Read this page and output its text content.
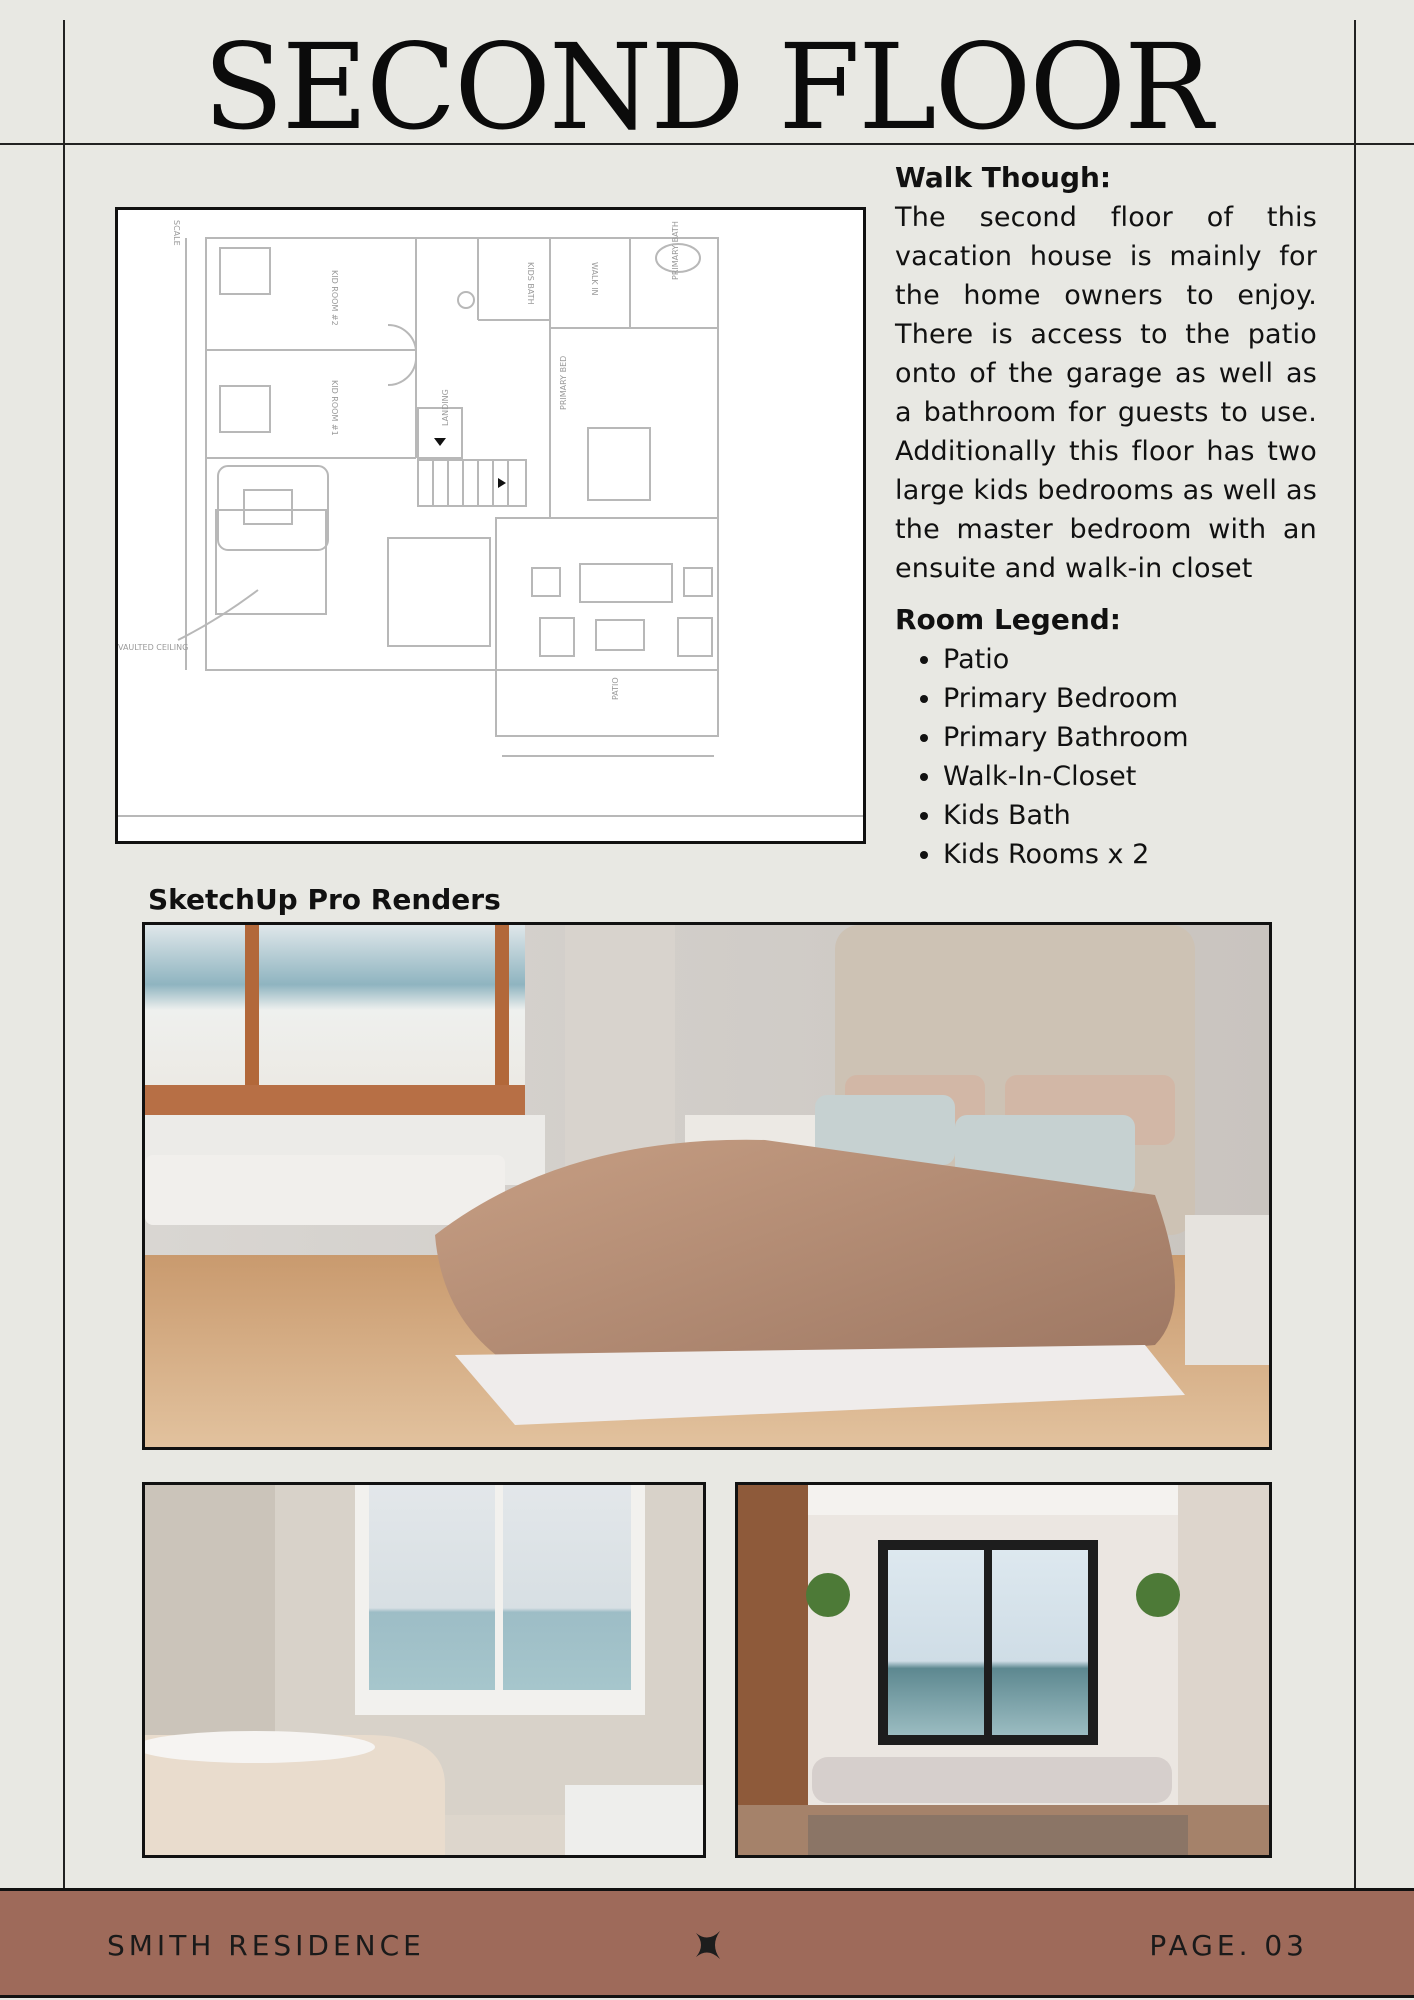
SECOND FLOOR
KID ROOM #2
KID ROOM #1
KIDS BATH	WALK IN	PRIMARY BATH
PRIMARY BED
LANDING
PATIO
VAULTED CEILING
SCALE
Walk Though:

The second floor of this vacation house is mainly for the home owners to enjoy. There is access to the patio onto of the garage as well as a bathroom for guests to use. Additionally this floor has two large kids bedrooms as well as the master bedroom with an ensuite and walk-in closet

Room Legend:
• Patio
• Primary Bedroom
• Primary Bathroom
• Walk-In-Closet
• Kids Bath
• Kids Rooms x 2
SketchUp Pro Renders
SMITH RESIDENCE	PAGE. 03
